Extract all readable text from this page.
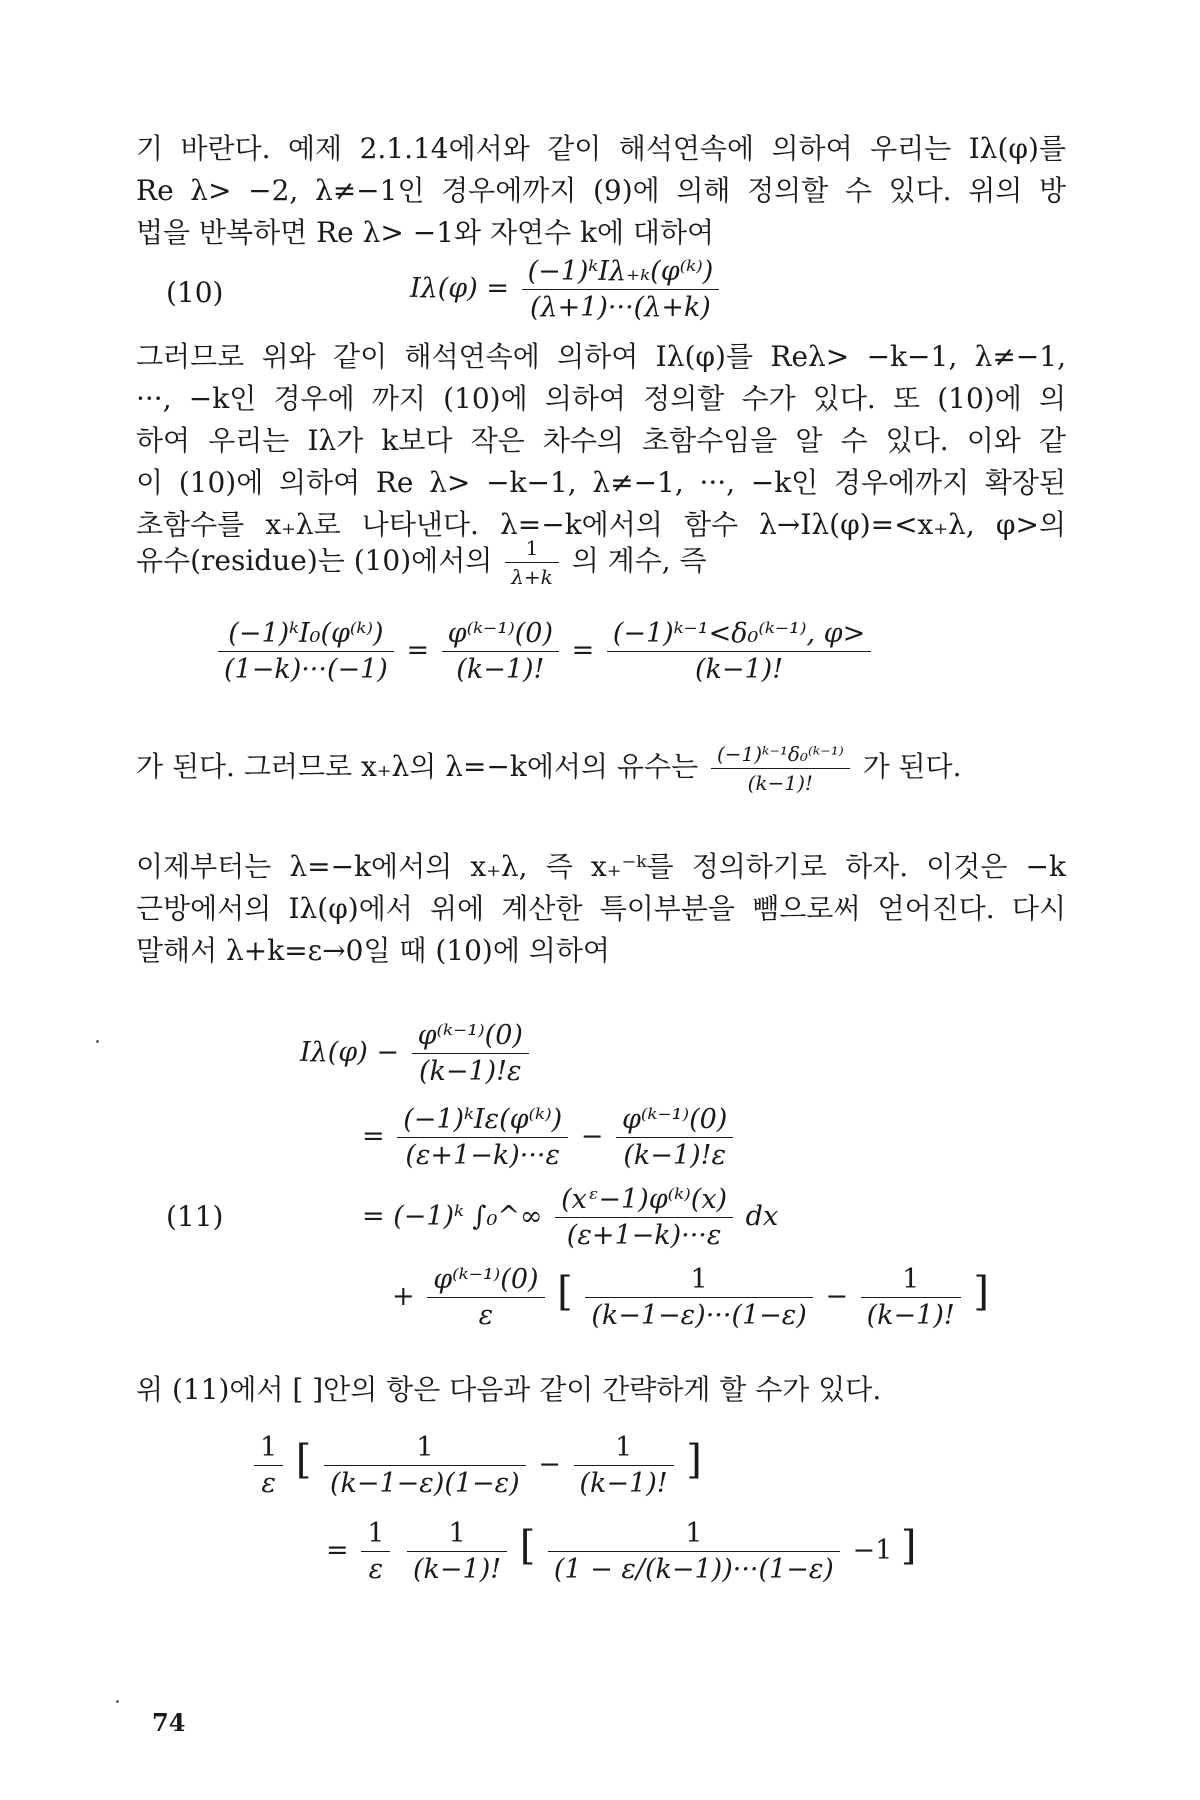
기 바란다. 예제 2.1.14에서와 같이 해석연속에 의하여 우리는 Iλ(φ)를
Re λ> −2, λ≠−1인 경우에까지 (9)에 의해 정의할 수 있다. 위의 방
법을 반복하면 Re λ> −1와 자연수 k에 대하여
(10)	$I\lambda(\varphi) = \frac{\text{(−1)ᵏIλ₊ₖ(φ⁽ᵏ⁾)}}{(\lambda+1)\cdot\cdot\cdot(\lambda+k)}$
그러므로 위와 같이 해석연속에 의하여 Iλ(φ)를 Reλ> −k−1, λ≠−1,
···, −k인 경우에 까지 (10)에 의하여 정의할 수가 있다. 또 (10)에 의
하여 우리는 Iλ가 k보다 작은 차수의 초함수임을 알 수 있다. 이와 같
이 (10)에 의하여 Re λ> −k−1, λ≠−1, ···, −k인 경우에까지 확장된
초함수를 x₊λ로 나타낸다. λ=−k에서의 함수 λ→Iλ(φ)=<x₊λ, φ>의
유수(residue)는 (10)에서의 $\frac{1}{\lambda+k}$ 의 계수, 즉
$\frac{\text{(−1)ᵏI₀(φ⁽ᵏ⁾)}}{(1-k)\cdot\cdot\cdot(-1)} = \frac{\text{φ⁽ᵏ⁻¹⁾(0)}}{(k-1)!} = \frac{\text{(−1)ᵏ⁻¹<δ₀⁽ᵏ⁻¹⁾, φ>}}{(k-1)!}$
가 된다. 그러므로 x₊λ의 λ=−k에서의 유수는 $\frac{\text{(−1)ᵏ⁻¹δ₀⁽ᵏ⁻¹⁾}}{(k-1)!}$ 가 된다.
이제부터는 λ=−k에서의 x₊λ, 즉 x₊⁻ᵏ를 정의하기로 하자. 이것은 −k
근방에서의 Iλ(φ)에서 위에 계산한 특이부분을 뺌으로써 얻어진다. 다시
말해서 λ+k=ε→0일 때 (10)에 의하여
(11)
$I\lambda(\varphi) - \frac{\text{φ⁽ᵏ⁻¹⁾(0)}}{(k-1)!\varepsilon}$
= $\frac{\text{(−1)ᵏIε(φ⁽ᵏ⁾)}}{(\varepsilon+1-k)\cdot\cdot\cdot\varepsilon} - \frac{\text{φ⁽ᵏ⁻¹⁾(0)}}{(k-1)!\varepsilon}$
= (−1)ᵏ ∫₀^∞ $\frac{\text{(xᵋ−1)φ⁽ᵏ⁾(x)}}{(\varepsilon+1-k)\cdot\cdot\cdot\varepsilon}$ dx
+ $\frac{\text{φ⁽ᵏ⁻¹⁾(0)}}{\varepsilon}$ [ $\frac{1}{(k-1-\varepsilon)\cdot\cdot\cdot(1-\varepsilon)} - \frac{1}{(k-1)!}$ ]
위 (11)에서 [ ]안의 항은 다음과 같이 간략하게 할 수가 있다.
$\frac{1}{\varepsilon}$ [ $\frac{1}{(k-1-\varepsilon)(1-\varepsilon)} - \frac{1}{(k-1)!}$ ]
= $\frac{1}{\varepsilon}$
$\frac{1}{(k-1)!}$ [ $\frac{1}{(1 - \varepsilon/(k-1))\cdot\cdot\cdot(1-\varepsilon)} -1$ ]
74
